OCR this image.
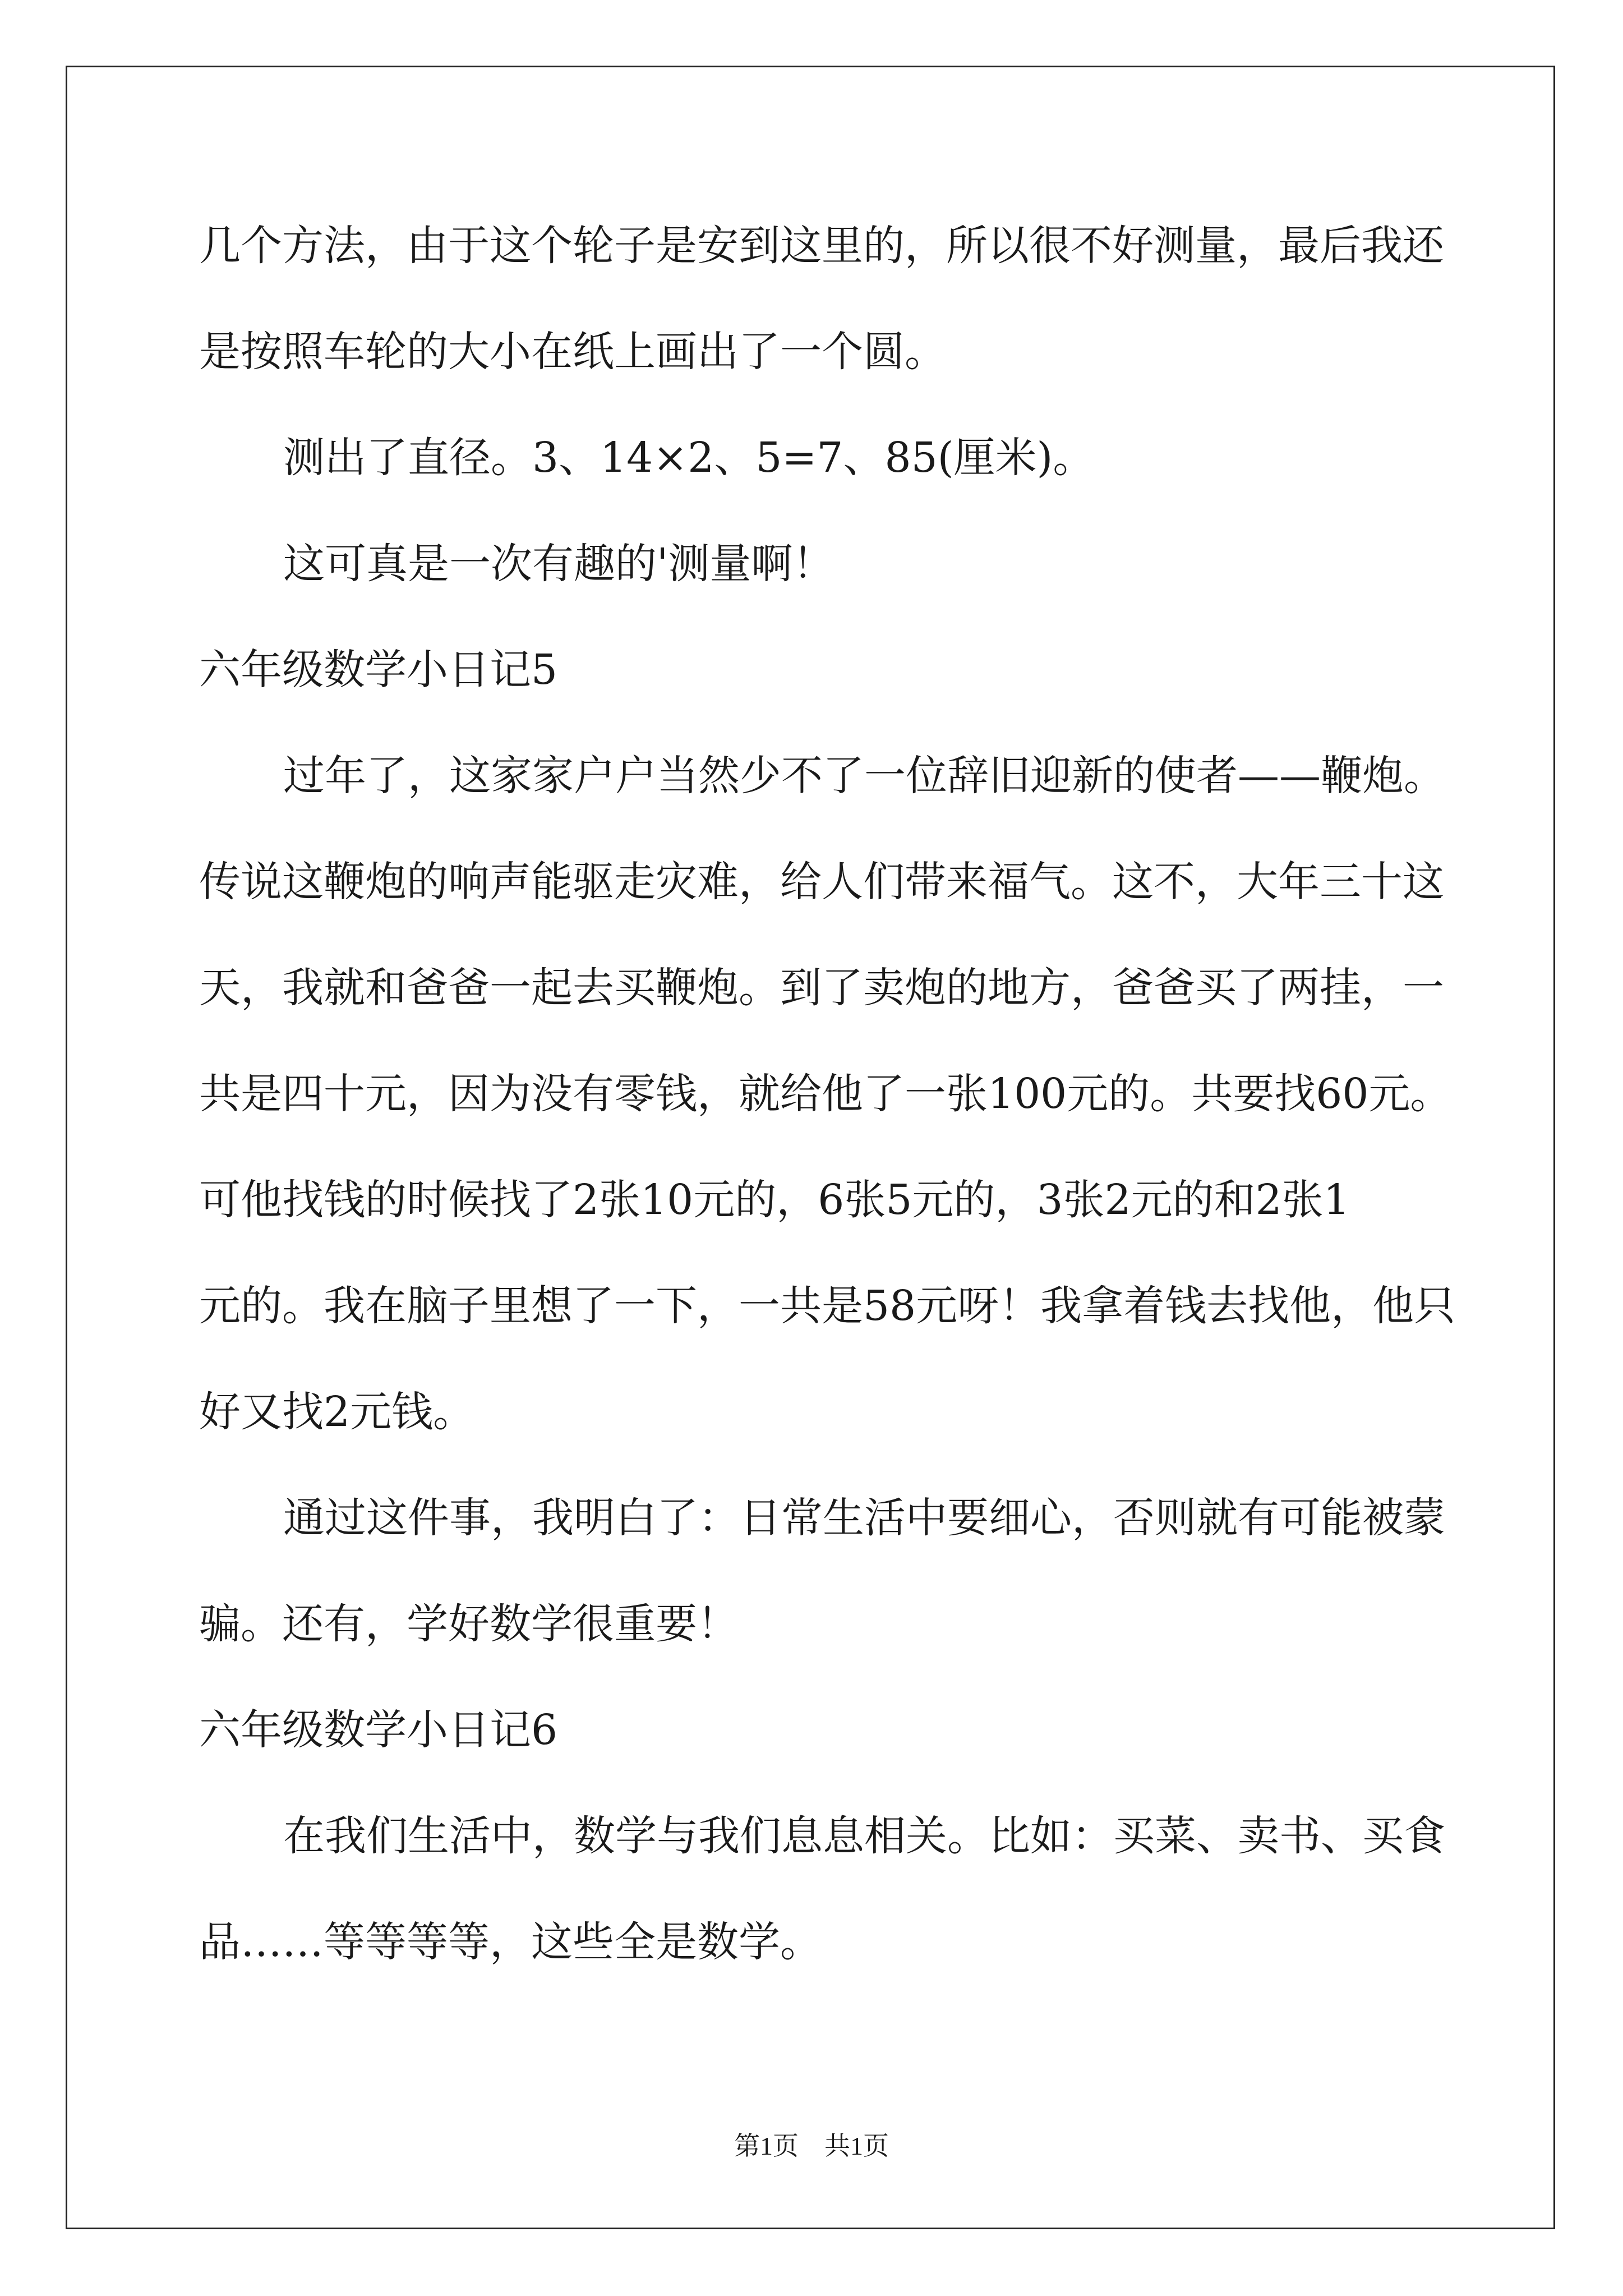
几个方法，由于这个轮子是安到这里的，所以很不好测量，最后我还
是按照车轮的大小在纸上画出了一个圆。
测出了直径。3、14×2、5=7、85(厘米)。
这可真是一次有趣的'测量啊！
六年级数学小日记5
过年了，这家家户户当然少不了一位辞旧迎新的使者——鞭炮。
传说这鞭炮的响声能驱走灾难，给人们带来福气。这不，大年三十这
天，我就和爸爸一起去买鞭炮。到了卖炮的地方，爸爸买了两挂，一
共是四十元，因为没有零钱，就给他了一张100元的。共要找60元。
可他找钱的时候找了2张10元的，6张5元的，3张2元的和2张1
元的。我在脑子里想了一下，一共是58元呀！我拿着钱去找他，他只
好又找2元钱。
通过这件事，我明白了：日常生活中要细心，否则就有可能被蒙
骗。还有，学好数学很重要！
六年级数学小日记6
在我们生活中，数学与我们息息相关。比如：买菜、卖书、买食
品……等等等等，这些全是数学。
第1页　共1页
